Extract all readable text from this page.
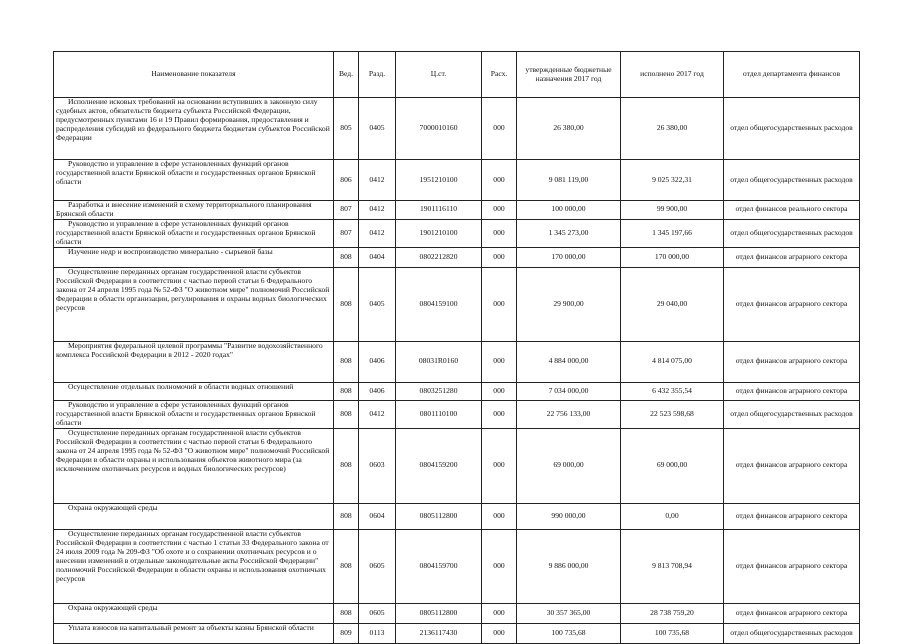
Наименование показателя	Вед.	Разд.	Ц.ст.	Расх.	утвержденные бюджетные назначения 2017 год	исполнено 2017 год	отдел департамента финансов

Исполнение исковых требований на основании вступивших в законную силу судебных актов, обязательств бюджета субъекта Российской Федерации, предусмотренных пунктами 16 и 19 Правил формирования, предоставления и распределения субсидий из федерального бюджета бюджетам субъектов Российской Федерации	805	0405	7000010160	000	26 380,00	26 380,00	отдел общегосударственных расходов

Руководство и управление в сфере установленных функций органов государственной власти Брянской области и государственных органов Брянской области	806	0412	1951210100	000	9 081 119,00	9 025 322,31	отдел общегосударственных расходов

Разработка и внесение изменений в схему территориального планирования Брянской области	807	0412	1901116110	000	100 000,00	99 900,00	отдел финансов реального сектора

Руководство и управление в сфере установленных функций органов государственной власти Брянской области и государственных органов Брянской области	807	0412	1901210100	000	1 345 273,00	1 345 197,66	отдел общегосударственных расходов

Изучение недр и воспроизводство минерально - сырьевой базы	808	0404	0802212820	000	170 000,00	170 000,00	отдел финансов аграрного сектора

Осуществление переданных органам государственной власти субъектов Российской Федерации в соответствии с частью первой статьи 6 Федерального закона от 24 апреля 1995 года № 52-ФЗ "О животном мире" полномочий Российской Федерации в области организации, регулирования и охраны водных биологических ресурсов	808	0405	0804159100	000	29 900,00	29 040,00	отдел финансов аграрного сектора

Мероприятия федеральной целевой программы "Развитие водохозяйственного комплекса Российской Федерации в 2012 - 2020 годах"	808	0406	08031R0160	000	4 884 000,00	4 814 075,00	отдел финансов аграрного сектора

Осуществление отдельных полномочий в области водных отношений	808	0406	0803251280	000	7 034 000,00	6 432 355,54	отдел финансов аграрного сектора

Руководство и управление в сфере установленных функций органов государственной власти Брянской области и государственных органов Брянской области	808	0412	0801110100	000	22 756 133,00	22 523 598,68	отдел общегосударственных расходов

Осуществление переданных органам государственной власти субъектов Российской Федерации в соответствии с частью первой статьи 6 Федерального закона от 24 апреля 1995 года № 52-ФЗ "О животном мире" полномочий Российской Федерации в области охраны и использования объектов животного мира (за исключением охотничьих ресурсов и водных биологических ресурсов)	808	0603	0804159200	000	69 000,00	69 000,00	отдел финансов аграрного сектора

Охрана окружающей среды	808	0604	0805112800	000	990 000,00	0,00	отдел финансов аграрного сектора

Осуществление переданных органам государственной власти субъектов Российской Федерации в соответствии с частью 1 статьи 33 Федерального закона от 24 июля 2009 года № 209-ФЗ "Об охоте и о сохранении охотничьих ресурсов и о внесении изменений в отдельные законодательные акты Российской Федерации" полномочий Российской Федерации в области охраны и использования охотничьих ресурсов	808	0605	0804159700	000	9 886 000,00	9 813 708,94	отдел финансов аграрного сектора

Охрана окружающей среды	808	0605	0805112800	000	30 357 365,00	28 738 759,20	отдел финансов аграрного сектора

Уплата взносов на капитальный ремонт за объекты казны Брянской области	809	0113	2136117430	000	100 735,68	100 735,68	отдел общегосударственных расходов
